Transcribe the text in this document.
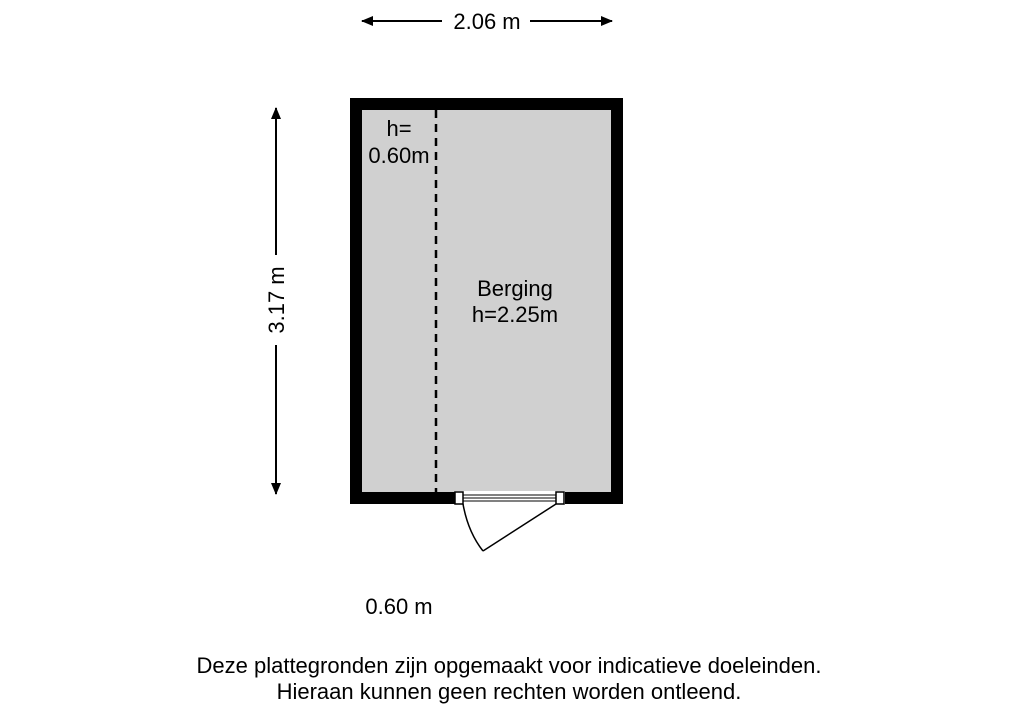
2.06 m
3.17 m
h=
0.60m
Berging
h=2.25m
0.60 m
Deze plattegronden zijn opgemaakt voor indicatieve doeleinden.
Hieraan kunnen geen rechten worden ontleend.
